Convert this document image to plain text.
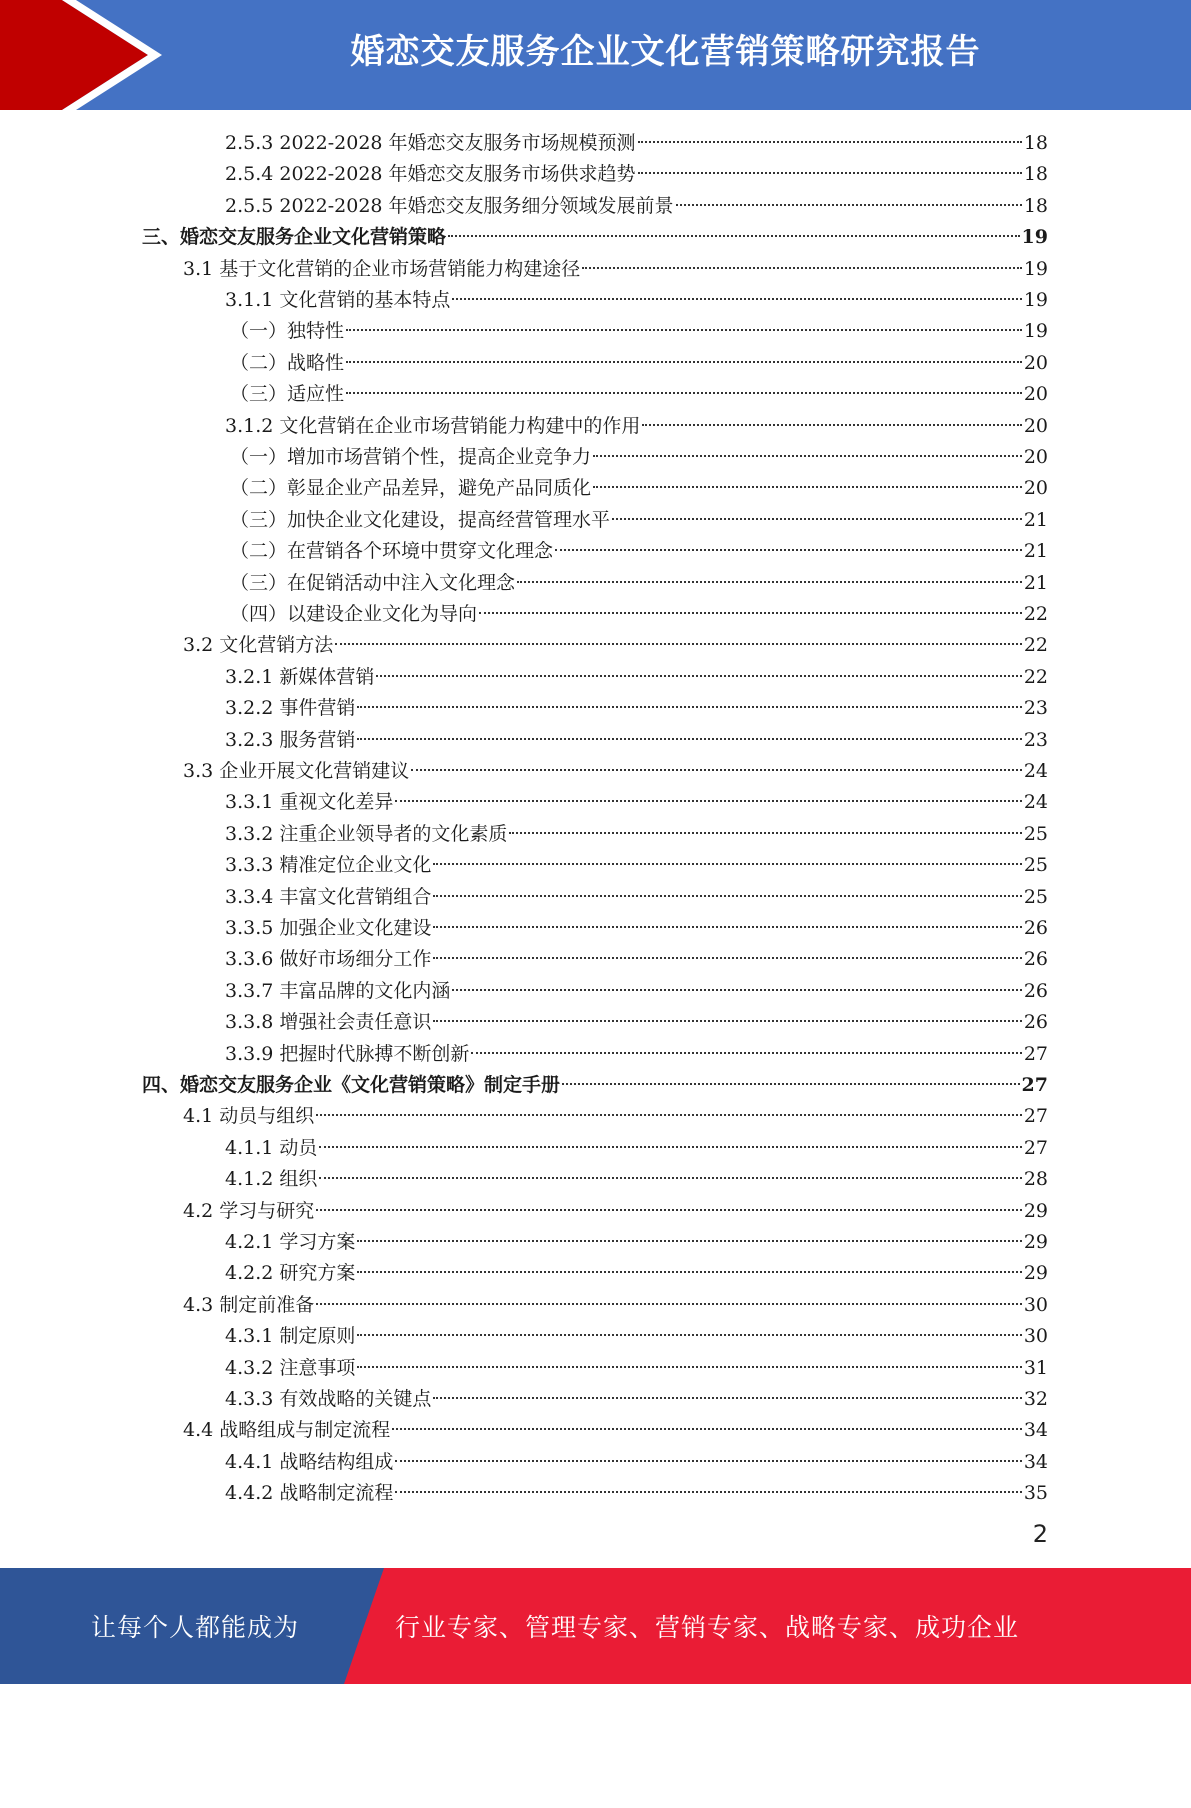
婚恋交友服务企业文化营销策略研究报告
2.5.3 2022-2028 年婚恋交友服务市场规模预测	18
2.5.4 2022-2028 年婚恋交友服务市场供求趋势	18
2.5.5 2022-2028 年婚恋交友服务细分领域发展前景	18
三、婚恋交友服务企业文化营销策略	19
3.1 基于文化营销的企业市场营销能力构建途径	19
3.1.1 文化营销的基本特点	19
（一）独特性	19
（二）战略性	20
（三）适应性	20
3.1.2 文化营销在企业市场营销能力构建中的作用	20
（一）增加市场营销个性，提高企业竞争力	20
（二）彰显企业产品差异，避免产品同质化	20
（三）加快企业文化建设，提高经营管理水平	21
（二）在营销各个环境中贯穿文化理念	21
（三）在促销活动中注入文化理念	21
（四）以建设企业文化为导向	22
3.2 文化营销方法	22
3.2.1 新媒体营销	22
3.2.2 事件营销	23
3.2.3 服务营销	23
3.3 企业开展文化营销建议	24
3.3.1 重视文化差异	24
3.3.2 注重企业领导者的文化素质	25
3.3.3 精准定位企业文化	25
3.3.4 丰富文化营销组合	25
3.3.5 加强企业文化建设	26
3.3.6 做好市场细分工作	26
3.3.7 丰富品牌的文化内涵	26
3.3.8 增强社会责任意识	26
3.3.9 把握时代脉搏不断创新	27
四、婚恋交友服务企业《文化营销策略》制定手册	27
4.1 动员与组织	27
4.1.1 动员	27
4.1.2 组织	28
4.2 学习与研究	29
4.2.1 学习方案	29
4.2.2 研究方案	29
4.3 制定前准备	30
4.3.1 制定原则	30
4.3.2 注意事项	31
4.3.3 有效战略的关键点	32
4.4 战略组成与制定流程	34
4.4.1 战略结构组成	34
4.4.2 战略制定流程	35
2
让每个人都能成为	行业专家、管理专家、营销专家、战略专家、成功企业家……
